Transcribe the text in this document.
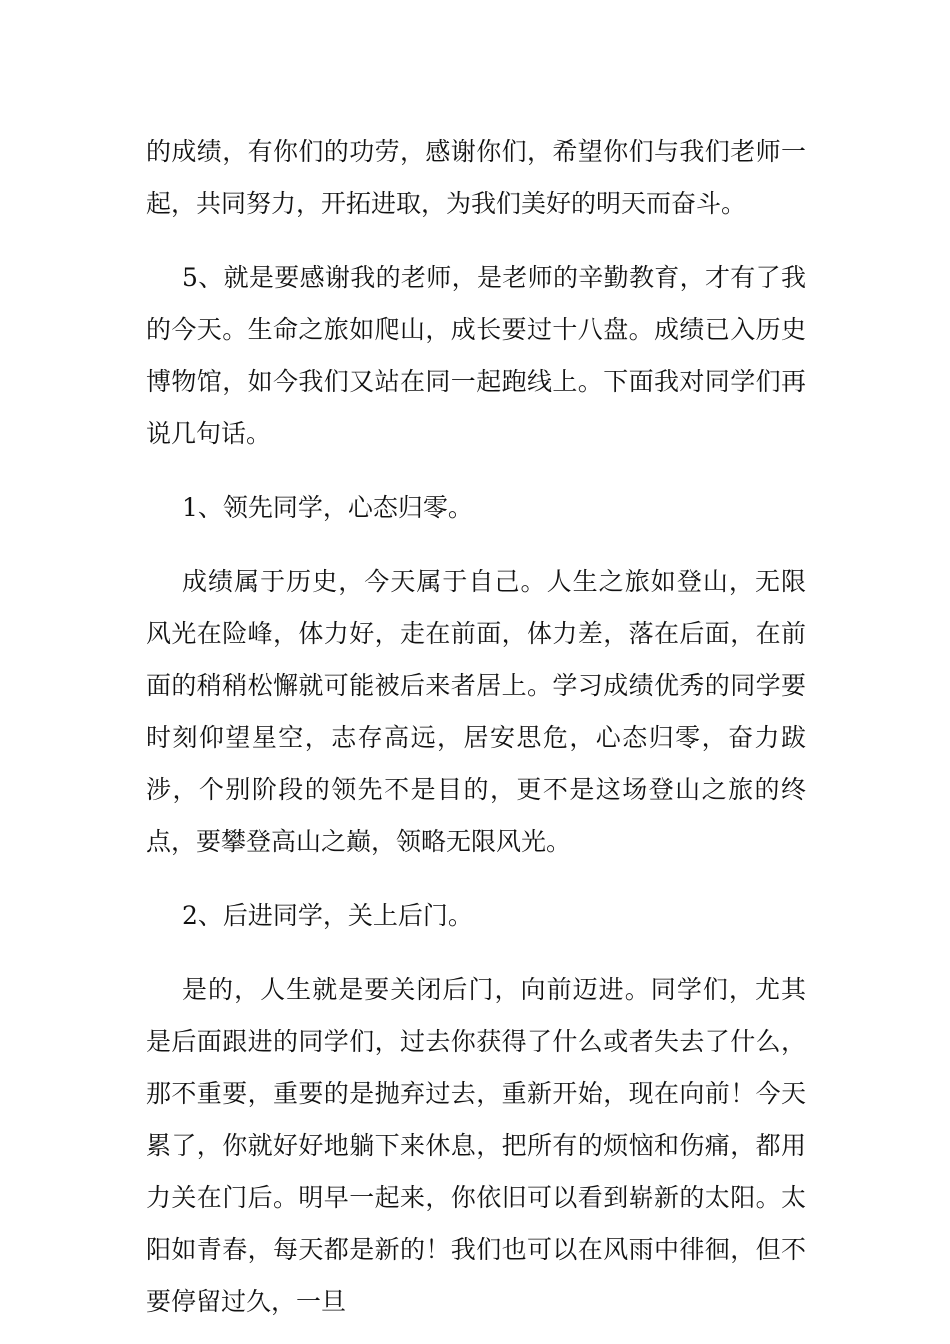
的成绩，有你们的功劳，感谢你们，希望你们与我们老师一起，共同努力，开拓进取，为我们美好的明天而奋斗。

5、就是要感谢我的老师，是老师的辛勤教育，才有了我的今天。生命之旅如爬山，成长要过十八盘。成绩已入历史博物馆，如今我们又站在同一起跑线上。下面我对同学们再说几句话。

1、领先同学，心态归零。

成绩属于历史，今天属于自己。人生之旅如登山，无限风光在险峰，体力好，走在前面，体力差，落在后面，在前面的稍稍松懈就可能被后来者居上。学习成绩优秀的同学要时刻仰望星空，志存高远，居安思危，心态归零，奋力跋涉，个别阶段的领先不是目的，更不是这场登山之旅的终点，要攀登高山之巅，领略无限风光。

2、后进同学，关上后门。

是的，人生就是要关闭后门，向前迈进。同学们，尤其是后面跟进的同学们，过去你获得了什么或者失去了什么，那不重要，重要的是抛弃过去，重新开始，现在向前！今天累了，你就好好地躺下来休息，把所有的烦恼和伤痛，都用力关在门后。明早一起来，你依旧可以看到崭新的太阳。太阳如青春，每天都是新的！我们也可以在风雨中徘徊，但不要停留过久，一旦
